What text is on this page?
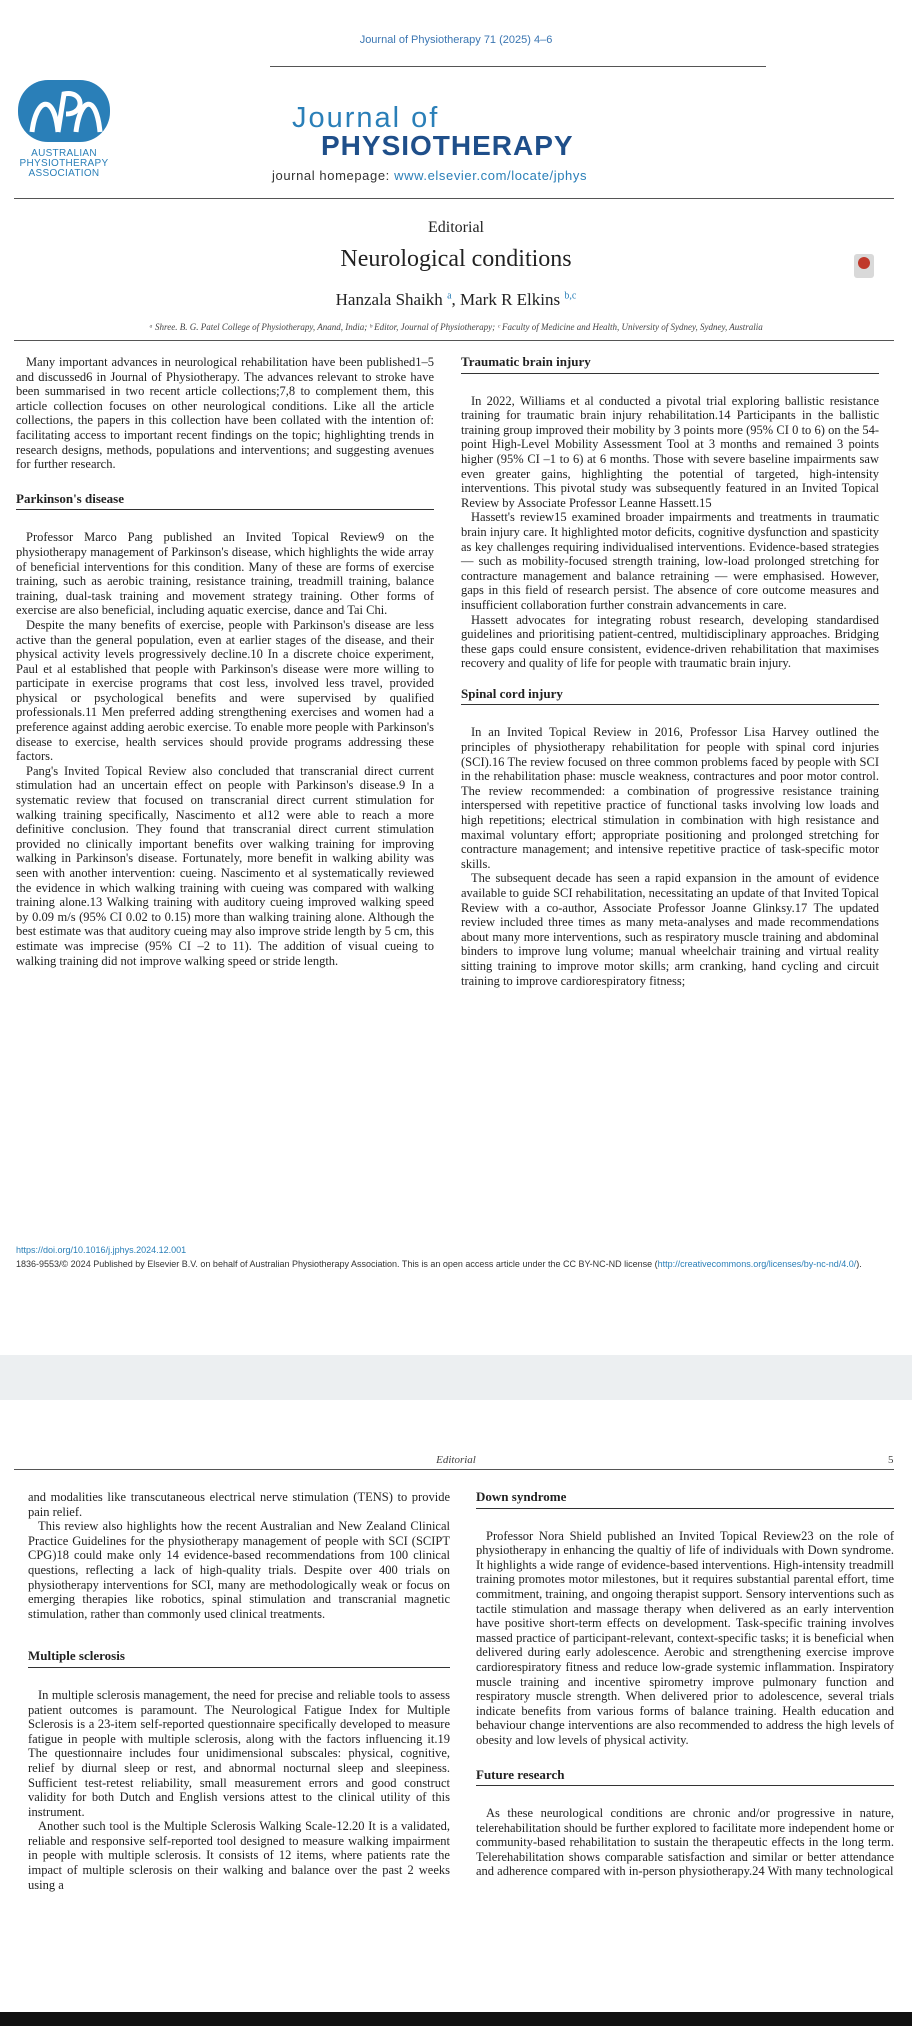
Journal of Physiotherapy 71 (2025) 4–6
AUSTRALIAN
PHYSIOTHERAPY
ASSOCIATION
Journal of
PHYSIOTHERAPY
journal homepage: www.elsevier.com/locate/jphys
Editorial
Neurological conditions
Hanzala Shaikh $^a$, Mark R Elkins $^{b,c}$
ᵃ Shree. B. G. Patel College of Physiotherapy, Anand, India; ᵇ Editor, Journal of Physiotherapy; ᶜ Faculty of Medicine and Health, University of Sydney, Sydney, Australia

Many important advances in neurological rehabilitation have been published1–5 and discussed6 in Journal of Physiotherapy. The advances relevant to stroke have been summarised in two recent article collections;7,8 to complement them, this article collection focuses on other neurological conditions. Like all the article collections, the papers in this collection have been collated with the intention of: facilitating access to important recent findings on the topic; highlighting trends in research designs, methods, populations and interventions; and suggesting avenues for further research.

Parkinson's disease

Professor Marco Pang published an Invited Topical Review9 on the physiotherapy management of Parkinson's disease, which highlights the wide array of beneficial interventions for this condition. Many of these are forms of exercise training, such as aerobic training, resistance training, treadmill training, balance training, dual-task training and movement strategy training. Other forms of exercise are also beneficial, including aquatic exercise, dance and Tai Chi.

Despite the many benefits of exercise, people with Parkinson's disease are less active than the general population, even at earlier stages of the disease, and their physical activity levels progressively decline.10 In a discrete choice experiment, Paul et al established that people with Parkinson's disease were more willing to participate in exercise programs that cost less, involved less travel, provided physical or psychological benefits and were supervised by qualified professionals.11 Men preferred adding strengthening exercises and women had a preference against adding aerobic exercise. To enable more people with Parkinson's disease to exercise, health services should provide programs addressing these factors.

Pang's Invited Topical Review also concluded that transcranial direct current stimulation had an uncertain effect on people with Parkinson's disease.9 In a systematic review that focused on transcranial direct current stimulation for walking training specifically, Nascimento et al12 were able to reach a more definitive conclusion. They found that transcranial direct current stimulation provided no clinically important benefits over walking training for improving walking in Parkinson's disease. Fortunately, more benefit in walking ability was seen with another intervention: cueing. Nascimento et al systematically reviewed the evidence in which walking training with cueing was compared with walking training alone.13 Walking training with auditory cueing improved walking speed by 0.09 m/s (95% CI 0.02 to 0.15) more than walking training alone. Although the best estimate was that auditory cueing may also improve stride length by 5 cm, this estimate was imprecise (95% CI –2 to 11). The addition of visual cueing to walking training did not improve walking speed or stride length.

Traumatic brain injury

In 2022, Williams et al conducted a pivotal trial exploring ballistic resistance training for traumatic brain injury rehabilitation.14 Participants in the ballistic training group improved their mobility by 3 points more (95% CI 0 to 6) on the 54-point High-Level Mobility Assessment Tool at 3 months and remained 3 points higher (95% CI –1 to 6) at 6 months. Those with severe baseline impairments saw even greater gains, highlighting the potential of targeted, high-intensity interventions. This pivotal study was subsequently featured in an Invited Topical Review by Associate Professor Leanne Hassett.15

Hassett's review15 examined broader impairments and treatments in traumatic brain injury care. It highlighted motor deficits, cognitive dysfunction and spasticity as key challenges requiring individualised interventions. Evidence-based strategies — such as mobility-focused strength training, low-load prolonged stretching for contracture management and balance retraining — were emphasised. However, gaps in this field of research persist. The absence of core outcome measures and insufficient collaboration further constrain advancements in care.

Hassett advocates for integrating robust research, developing standardised guidelines and prioritising patient-centred, multidisciplinary approaches. Bridging these gaps could ensure consistent, evidence-driven rehabilitation that maximises recovery and quality of life for people with traumatic brain injury.

Spinal cord injury

In an Invited Topical Review in 2016, Professor Lisa Harvey outlined the principles of physiotherapy rehabilitation for people with spinal cord injuries (SCI).16 The review focused on three common problems faced by people with SCI in the rehabilitation phase: muscle weakness, contractures and poor motor control. The review recommended: a combination of progressive resistance training interspersed with repetitive practice of functional tasks involving low loads and high repetitions; electrical stimulation in combination with high resistance and maximal voluntary effort; appropriate positioning and prolonged stretching for contracture management; and intensive repetitive practice of task-specific motor skills.

The subsequent decade has seen a rapid expansion in the amount of evidence available to guide SCI rehabilitation, necessitating an update of that Invited Topical Review with a co-author, Associate Professor Joanne Glinksy.17 The updated review included three times as many meta-analyses and made recommendations about many more interventions, such as respiratory muscle training and abdominal binders to improve lung volume; manual wheelchair training and virtual reality sitting training to improve motor skills; arm cranking, hand cycling and circuit training to improve cardiorespiratory fitness;

https://doi.org/10.1016/j.jphys.2024.12.001
1836-9553/© 2024 Published by Elsevier B.V. on behalf of Australian Physiotherapy Association. This is an open access article under the CC BY-NC-ND license (http://creativecommons.org/licenses/by-nc-nd/4.0/).
Editorial	5

and modalities like transcutaneous electrical nerve stimulation (TENS) to provide pain relief.

This review also highlights how the recent Australian and New Zealand Clinical Practice Guidelines for the physiotherapy management of people with SCI (SCIPT CPG)18 could make only 14 evidence-based recommendations from 100 clinical questions, reflecting a lack of high-quality trials. Despite over 400 trials on physiotherapy interventions for SCI, many are methodologically weak or focus on emerging therapies like robotics, spinal stimulation and transcranial magnetic stimulation, rather than commonly used clinical treatments.

Multiple sclerosis

In multiple sclerosis management, the need for precise and reliable tools to assess patient outcomes is paramount. The Neurological Fatigue Index for Multiple Sclerosis is a 23-item self-reported questionnaire specifically developed to measure fatigue in people with multiple sclerosis, along with the factors influencing it.19 The questionnaire includes four unidimensional subscales: physical, cognitive, relief by diurnal sleep or rest, and abnormal nocturnal sleep and sleepiness. Sufficient test-retest reliability, small measurement errors and good construct validity for both Dutch and English versions attest to the clinical utility of this instrument.

Another such tool is the Multiple Sclerosis Walking Scale-12.20 It is a validated, reliable and responsive self-reported tool designed to measure walking impairment in people with multiple sclerosis. It consists of 12 items, where patients rate the impact of multiple sclerosis on their walking and balance over the past 2 weeks using a

Down syndrome

Professor Nora Shield published an Invited Topical Review23 on the role of physiotherapy in enhancing the qualtiy of life of individuals with Down syndrome. It highlights a wide range of evidence-based interventions. High-intensity treadmill training promotes motor milestones, but it requires substantial parental effort, time commitment, training, and ongoing therapist support. Sensory interventions such as tactile stimulation and massage therapy when delivered as an early intervention have positive short-term effects on development. Task-specific training involves massed practice of participant-relevant, context-specific tasks; it is beneficial when delivered during early adolescence. Aerobic and strengthening exercise improve cardiorespiratory fitness and reduce low-grade systemic inflammation. Inspiratory muscle training and incentive spirometry improve pulmonary function and respiratory muscle strength. When delivered prior to adolescence, several trials indicate benefits from various forms of balance training. Health education and behaviour change interventions are also recommended to address the high levels of obesity and low levels of physical activity.

Future research

As these neurological conditions are chronic and/or progressive in nature, telerehabilitation should be further explored to facilitate more independent home or community-based rehabilitation to sustain the therapeutic effects in the long term. Telerehabilitation shows comparable satisfaction and similar or better attendance and adherence compared with in-person physiotherapy.24 With many technological
